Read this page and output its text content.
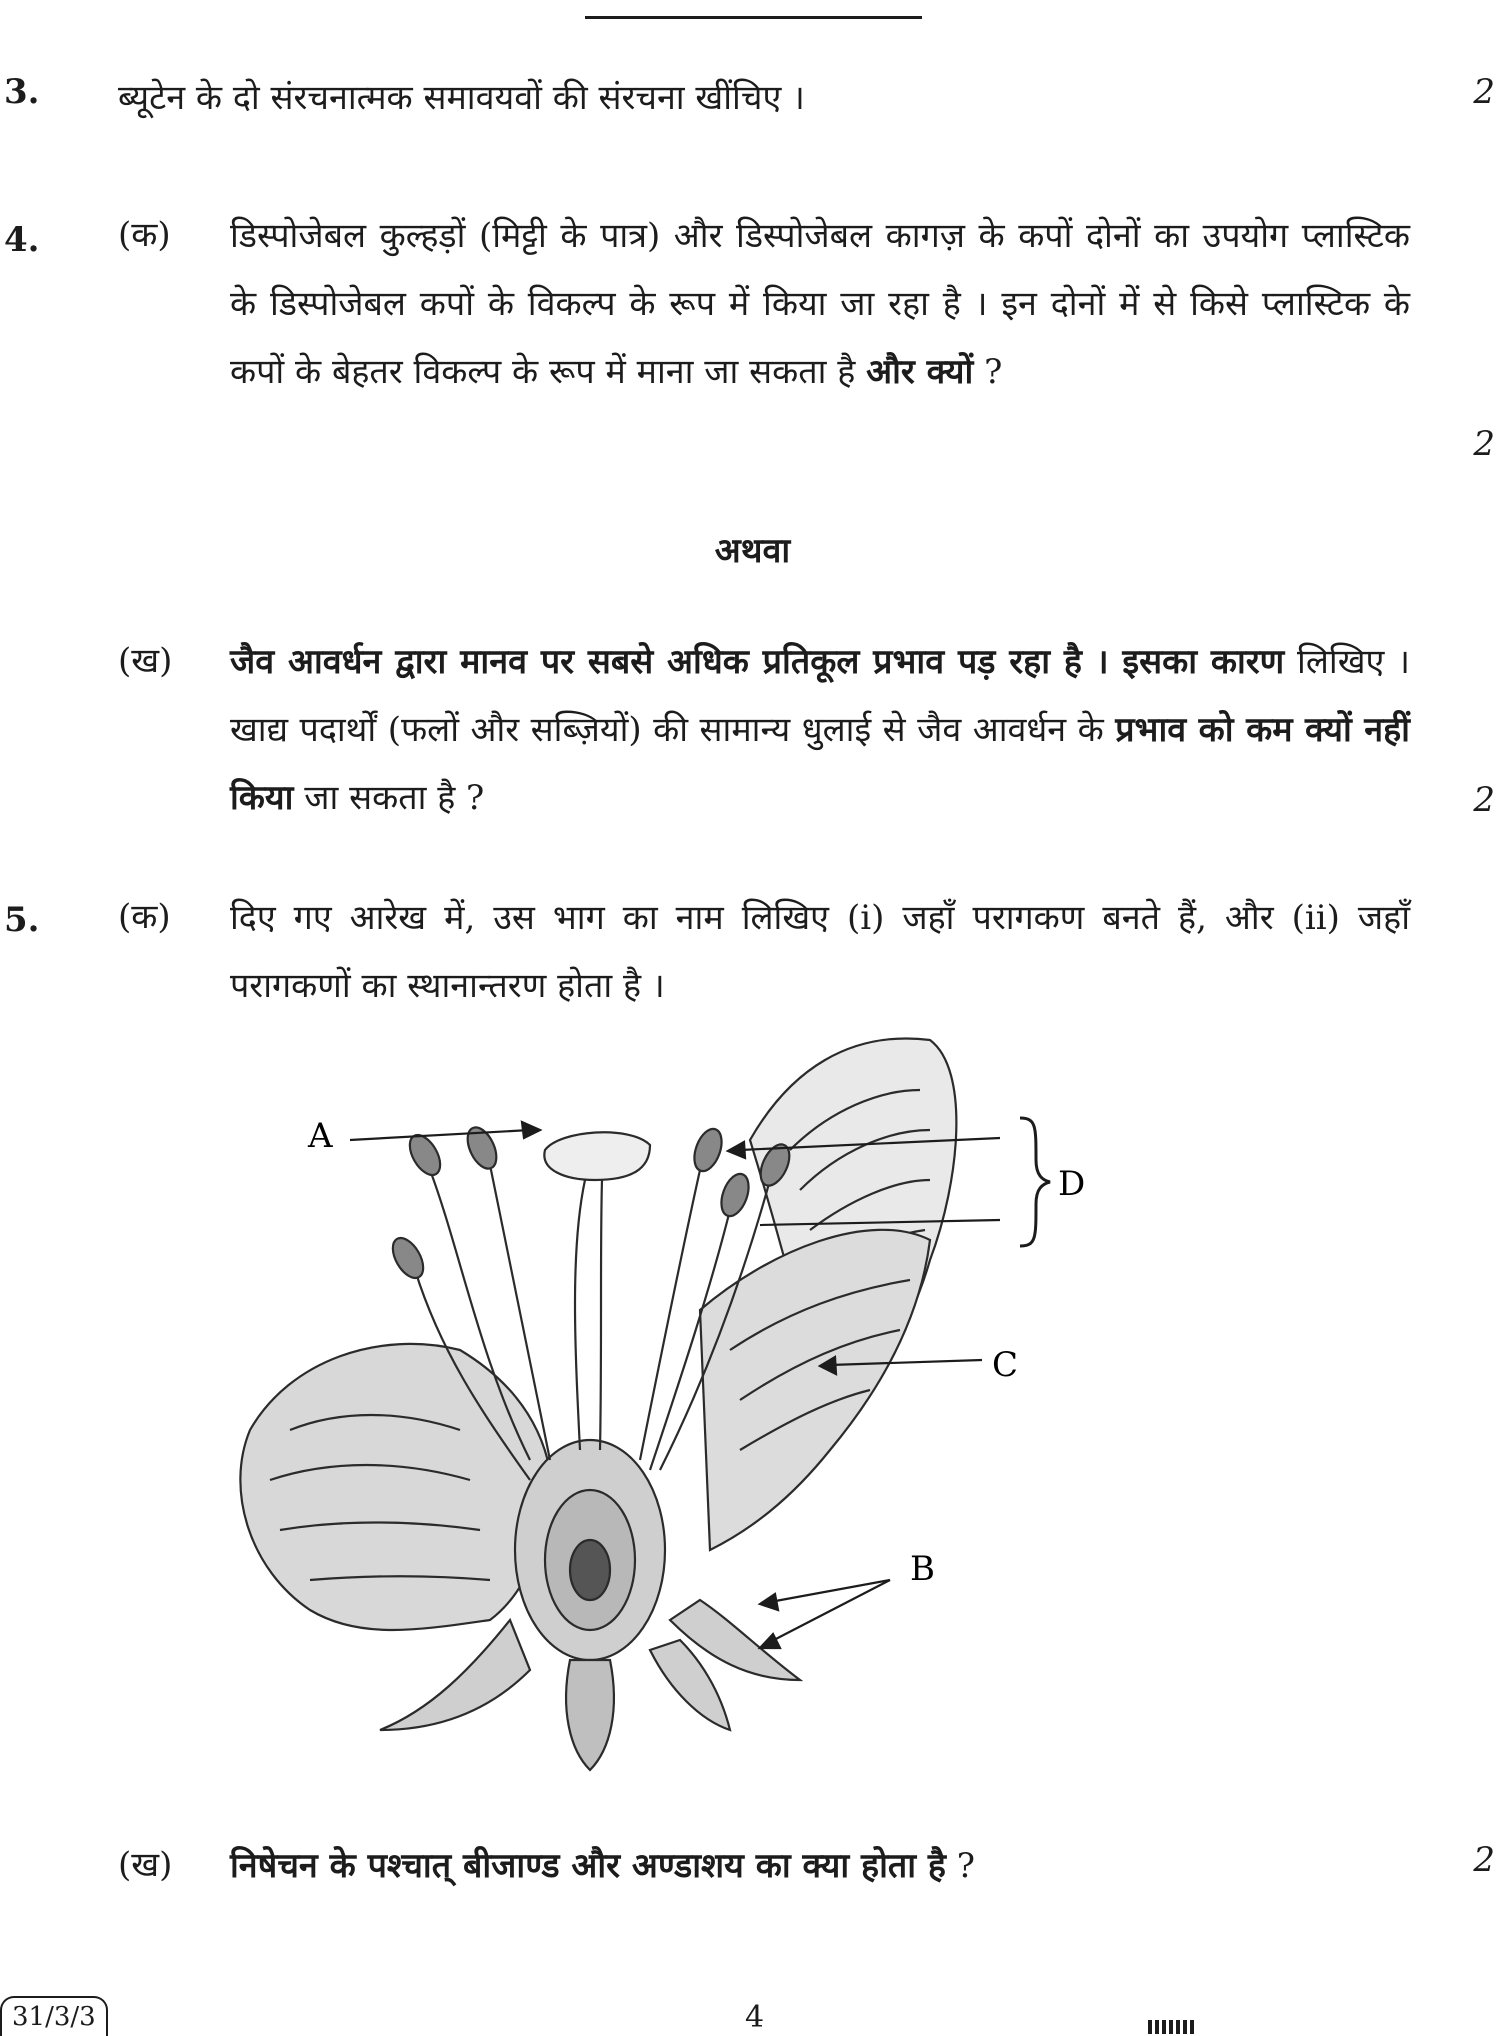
3. ब्यूटेन के दो संरचनात्मक समावयवों की संरचना खींचिए ।	2
4. (क) डिस्पोजेबल कुल्हड़ों (मिट्टी के पात्र) और डिस्पोजेबल कागज़ के कपों दोनों का उपयोग प्लास्टिक के डिस्पोजेबल कपों के विकल्प के रूप में किया जा रहा है । इन दोनों में से किसे प्लास्टिक के कपों के बेहतर विकल्प के रूप में माना जा सकता है और क्यों ?
2
अथवा
(ख) जैव आवर्धन द्वारा मानव पर सबसे अधिक प्रतिकूल प्रभाव पड़ रहा है । इसका कारण लिखिए । खाद्य पदार्थों (फलों और सब्ज़ियों) की सामान्य धुलाई से जैव आवर्धन के प्रभाव को कम क्यों नहीं किया जा सकता है ?	2
5. (क) दिए गए आरेख में, उस भाग का नाम लिखिए (i) जहाँ परागकण बनते हैं, और (ii) जहाँ परागकणों का स्थानान्तरण होता है ।
A
D
C
B
(ख) निषेचन के पश्चात् बीजाण्ड और अण्डाशय का क्या होता है ?	2
31/3/3	4
